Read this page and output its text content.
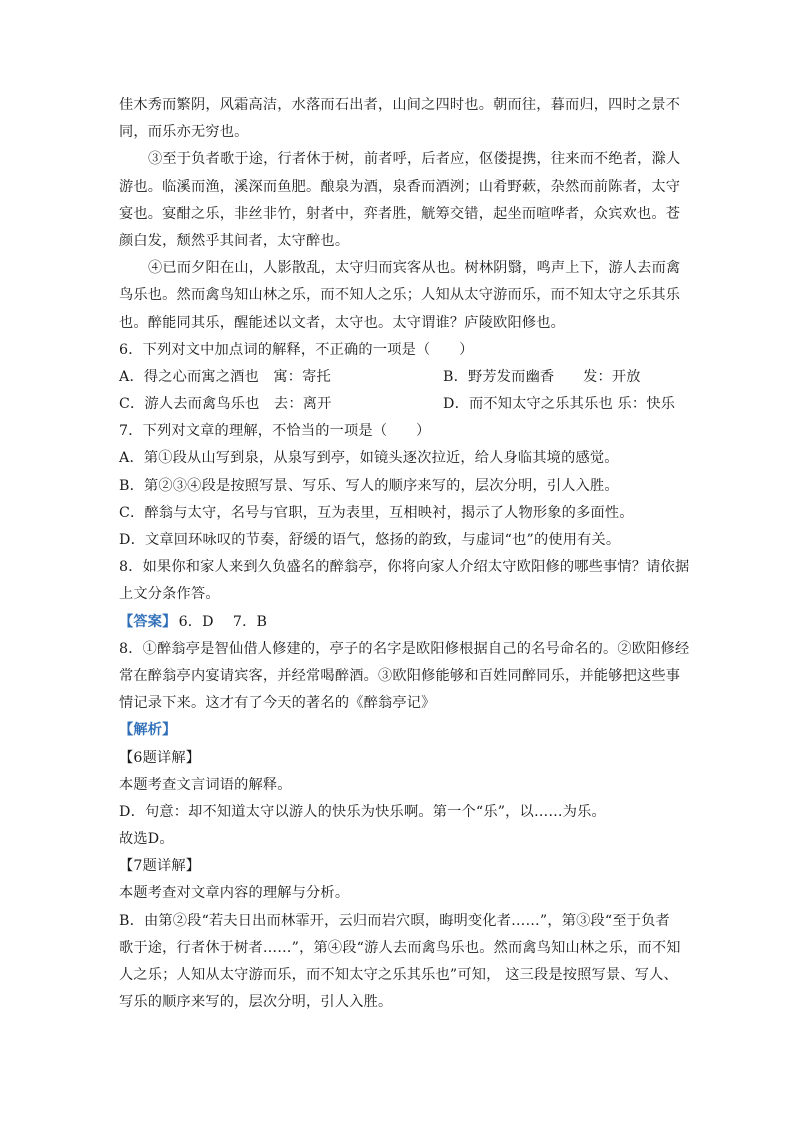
佳木秀而繁阴，风霜高洁，水落而石出者，山间之四时也。朝而往，暮而归，四时之景不
同，而乐亦无穷也。
③至于负者歌于途，行者休于树，前者呼，后者应，伛偻提携，往来而不绝者，滁人
游也。临溪而渔，溪深而鱼肥。酿泉为酒，泉香而酒洌；山肴野蔌，杂然而前陈者，太守
宴也。宴酣之乐，非丝非竹，射者中，弈者胜，觥筹交错，起坐而喧哗者，众宾欢也。苍
颜白发，颓然乎其间者，太守醉也。
④已而夕阳在山，人影散乱，太守归而宾客从也。树林阴翳，鸣声上下，游人去而禽
鸟乐也。然而禽鸟知山林之乐，而不知人之乐；人知从太守游而乐，而不知太守之乐其乐
也。醉能同其乐，醒能述以文者，太守也。太守谓谁？庐陵欧阳修也。
6．下列对文中加点词的解释，不正确的一项是（　　）
A．得之心而寓之酒也　寓：寄托	B．野芳发而幽香　　发：开放
C．游人去而禽鸟乐也　去：离开	D．而不知太守之乐其乐也 乐：快乐
7．下列对文章的理解，不恰当的一项是（　　）
A．第①段从山写到泉，从泉写到亭，如镜头逐次拉近，给人身临其境的感觉。
B．第②③④段是按照写景、写乐、写人的顺序来写的，层次分明，引人入胜。
C．醉翁与太守，名号与官职，互为表里，互相映衬，揭示了人物形象的多面性。
D．文章回环咏叹的节奏，舒缓的语气，悠扬的韵致，与虚词“也”的使用有关。
8．如果你和家人来到久负盛名的醉翁亭，你将向家人介绍太守欧阳修的哪些事情？请依据
上文分条作答。
【答案】 6．D　 7．B
8．①醉翁亭是智仙借人修建的，亭子的名字是欧阳修根据自己的名号命名的。②欧阳修经
常在醉翁亭内宴请宾客，并经常喝醉酒。③欧阳修能够和百姓同醉同乐，并能够把这些事
情记录下来。这才有了今天的著名的《醉翁亭记》
【解析】
【6题详解】
本题考查文言词语的解释。
D．句意：却不知道太守以游人的快乐为快乐啊。第一个“乐”，以……为乐。
故选D。
【7题详解】
本题考查对文章内容的理解与分析。
B．由第②段“若夫日出而林霏开，云归而岩穴暝，晦明变化者……”，第③段“至于负者
歌于途，行者休于树者……”，第④段“游人去而禽鸟乐也。然而禽鸟知山林之乐，而不知
人之乐；人知从太守游而乐，而不知太守之乐其乐也”可知， 这三段是按照写景、写人、
写乐的顺序来写的，层次分明，引人入胜。
